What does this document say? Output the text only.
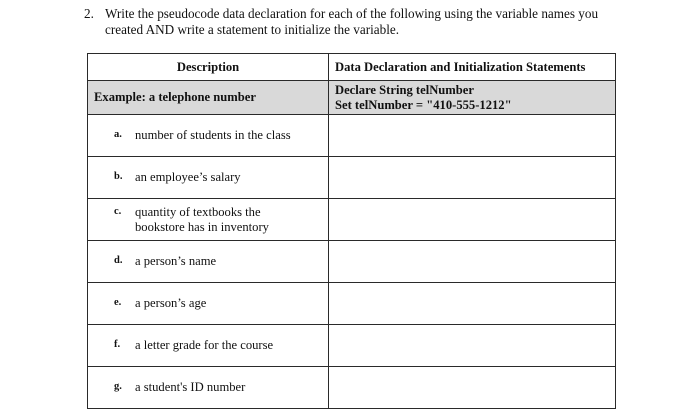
2. Write the pseudocode data declaration for each of the following using the variable names you
created AND write a statement to initialize the variable.
Description	Data Declaration and Initialization Statements
Example: a telephone number	Declare String telNumber
Set telNumber = "410-555-1212"

a. number of students in the class	

b. an employee’s salary	

c. quantity of textbooks the
bookstore has in inventory	

d. a person’s name	

e. a person’s age	

f. a letter grade for the course	

g. a student's ID number	
